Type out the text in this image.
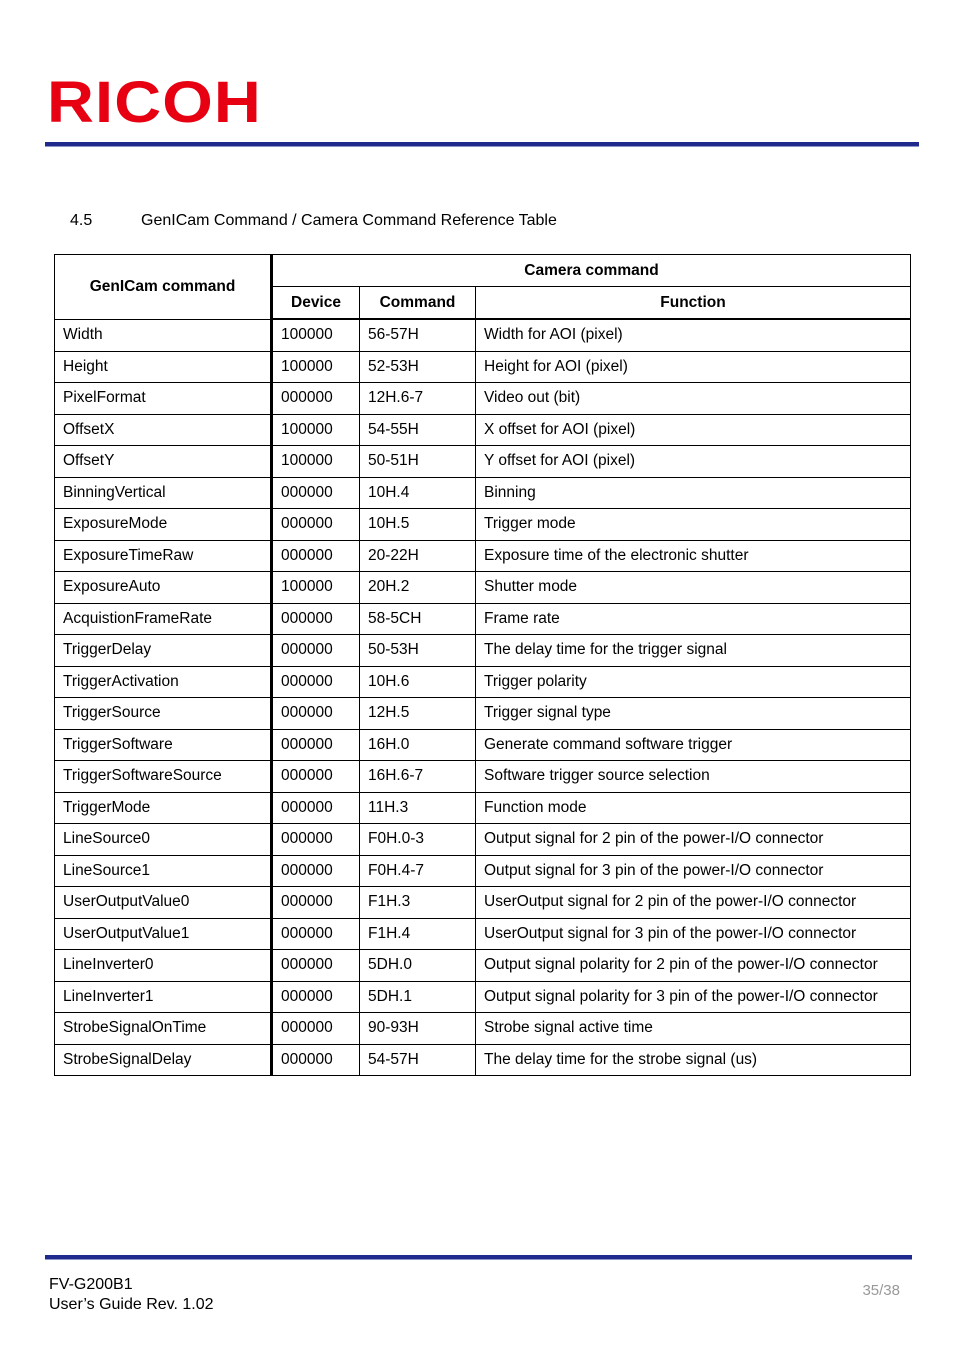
RICOH
4.5	GenICam Command / Camera Command Reference Table
GenICam command	Camera command		
	Device	Command	Function
Width	100000	56-57H	Width for AOI (pixel)
Height	100000	52-53H	Height for AOI (pixel)
PixelFormat	000000	12H.6-7	Video out (bit)
OffsetX	100000	54-55H	X offset for AOI (pixel)
OffsetY	100000	50-51H	Y offset for AOI (pixel)
BinningVertical	000000	10H.4	Binning
ExposureMode	000000	10H.5	Trigger mode
ExposureTimeRaw	000000	20-22H	Exposure time of the electronic shutter
ExposureAuto	100000	20H.2	Shutter mode
AcquistionFrameRate	000000	58-5CH	Frame rate
TriggerDelay	000000	50-53H	The delay time for the trigger signal
TriggerActivation	000000	10H.6	Trigger polarity
TriggerSource	000000	12H.5	Trigger signal type
TriggerSoftware	000000	16H.0	Generate command software trigger
TriggerSoftwareSource	000000	16H.6-7	Software trigger source selection
TriggerMode	000000	11H.3	Function mode
LineSource0	000000	F0H.0-3	Output signal for 2 pin of the power-I/O connector
LineSource1	000000	F0H.4-7	Output signal for 3 pin of the power-I/O connector
UserOutputValue0	000000	F1H.3	UserOutput signal for 2 pin of the power-I/O connector
UserOutputValue1	000000	F1H.4	UserOutput signal for 3 pin of the power-I/O connector
LineInverter0	000000	5DH.0	Output signal polarity for 2 pin of the power-I/O connector
LineInverter1	000000	5DH.1	Output signal polarity for 3 pin of the power-I/O connector
StrobeSignalOnTime	000000	90-93H	Strobe signal active time
StrobeSignalDelay	000000	54-57H	The delay time for the strobe signal (us)
FV-G200B1
User’s Guide Rev. 1.02
35/38
